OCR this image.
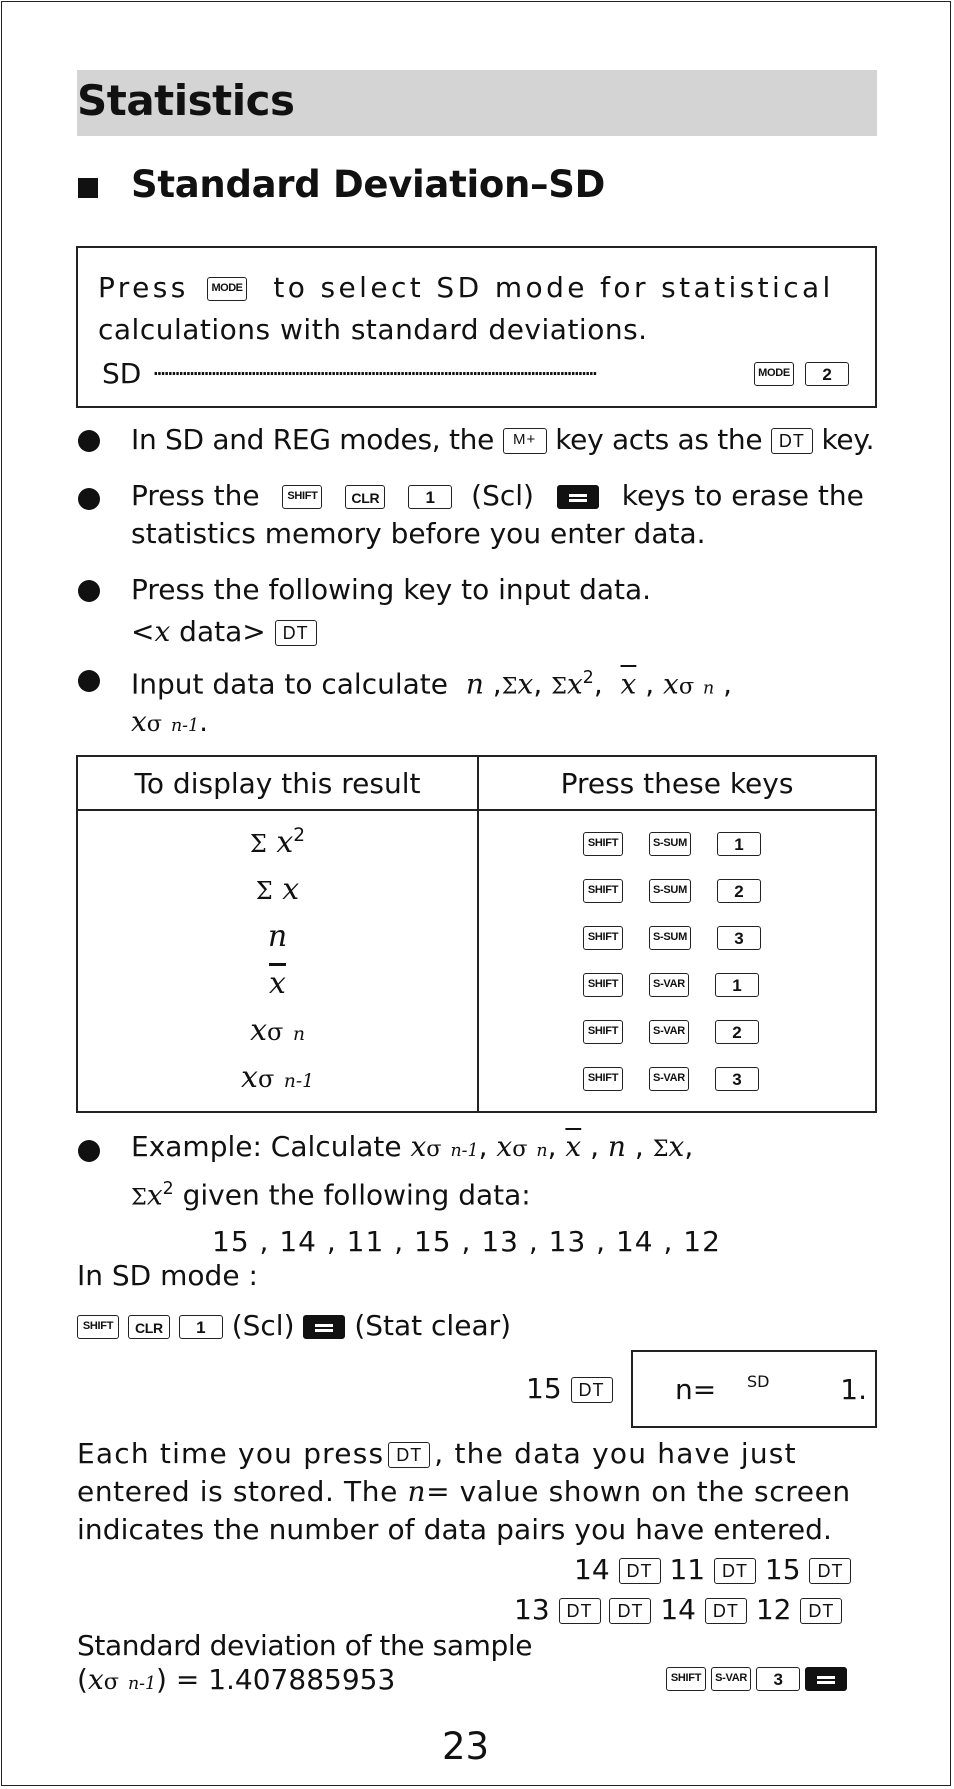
Statistics
Standard Deviation–SD
Press MODE to select SD mode for statistical
calculations with standard deviations.
SD ··························································································································	MODE 2
In SD and REG modes, the M+ key acts as the DT key.
Press the	SHIFT CLR	1 (Scl)	keys to erase the
statistics memory before you enter data.
Press the following key to input data.
<x data> DT
Input data to calculate n ,Σx, $\Sigma x^2$, $\overline{x}$ , xσ n ,
xσ n-1.
To display this result	Press these keys
Σ $x^2$	SHIFT S-SUM 1
Σ x	SHIFT S-SUM 2
n	SHIFT S-SUM 3
$\overline{x}$	SHIFT S-VAR 1
xσ n	SHIFT S-VAR 2
xσ n-1	SHIFT S-VAR 3
Example: Calculate xσ n-1, xσ n, $\overline{x}$ , n , Σx,
$\Sigma x^2$ given the following data:
15 , 14 , 11 , 15 , 13 , 13 , 14 , 12
In SD mode :
SHIFT CLR 1 (Scl) (Stat clear)
15 DT	n= SD	1.
Each time you press DT , the data you have just
entered is stored. The n= value shown on the screen
indicates the number of data pairs you have entered.
14 DT 11 DT 15 DT
13 DT DT 14 DT 12 DT
Standard deviation of the sample
(xσ n-1) = 1.407885953	SHIFT S-VAR 3
23
